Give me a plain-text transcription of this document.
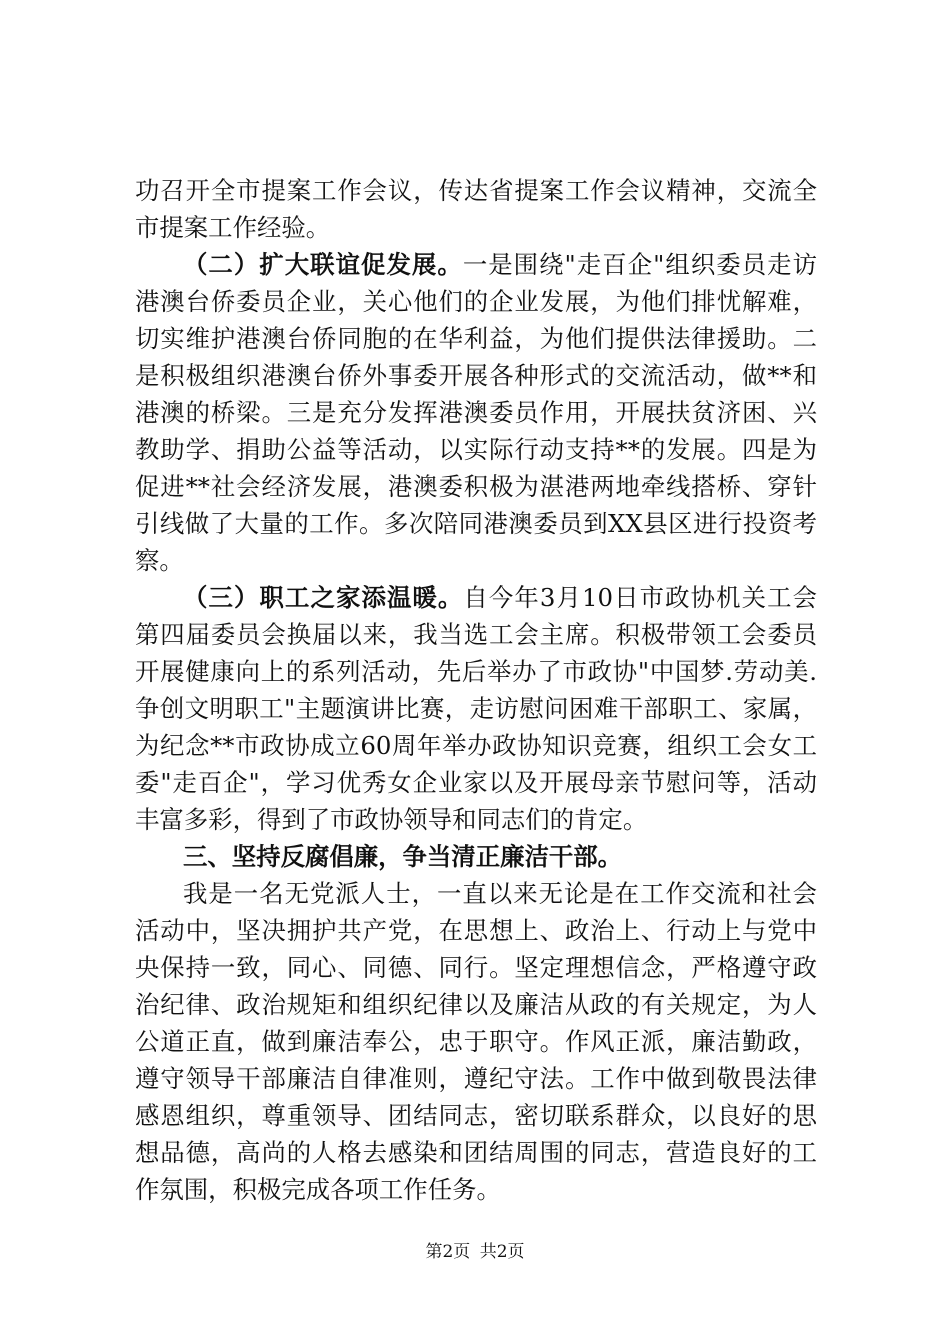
功召开全市提案工作会议，传达省提案工作会议精神，交流全
市提案工作经验。
（二）扩大联谊促发展。一是围绕"走百企"组织委员走访
港澳台侨委员企业，关心他们的企业发展，为他们排忧解难，
切实维护港澳台侨同胞的在华利益，为他们提供法律援助。二
是积极组织港澳台侨外事委开展各种形式的交流活动，做**和
港澳的桥梁。三是充分发挥港澳委员作用，开展扶贫济困、兴
教助学、捐助公益等活动，以实际行动支持**的发展。四是为
促进**社会经济发展，港澳委积极为湛港两地牵线搭桥、穿针
引线做了大量的工作。多次陪同港澳委员到XX县区进行投资考
察。
（三）职工之家添温暖。自今年3月10日市政协机关工会
第四届委员会换届以来，我当选工会主席。积极带领工会委员
开展健康向上的系列活动，先后举办了市政协"中国梦.劳动美.
争创文明职工"主题演讲比赛，走访慰问困难干部职工、家属，
为纪念**市政协成立60周年举办政协知识竞赛，组织工会女工
委"走百企"，学习优秀女企业家以及开展母亲节慰问等，活动
丰富多彩，得到了市政协领导和同志们的肯定。
三、坚持反腐倡廉，争当清正廉洁干部。
我是一名无党派人士，一直以来无论是在工作交流和社会
活动中，坚决拥护共产党，在思想上、政治上、行动上与党中
央保持一致，同心、同德、同行。坚定理想信念，严格遵守政
治纪律、政治规矩和组织纪律以及廉洁从政的有关规定，为人
公道正直，做到廉洁奉公，忠于职守。作风正派，廉洁勤政，
遵守领导干部廉洁自律准则，遵纪守法。工作中做到敬畏法律
感恩组织，尊重领导、团结同志，密切联系群众，以良好的思
想品德，高尚的人格去感染和团结周围的同志，营造良好的工
作氛围，积极完成各项工作任务。
第2页 共2页
